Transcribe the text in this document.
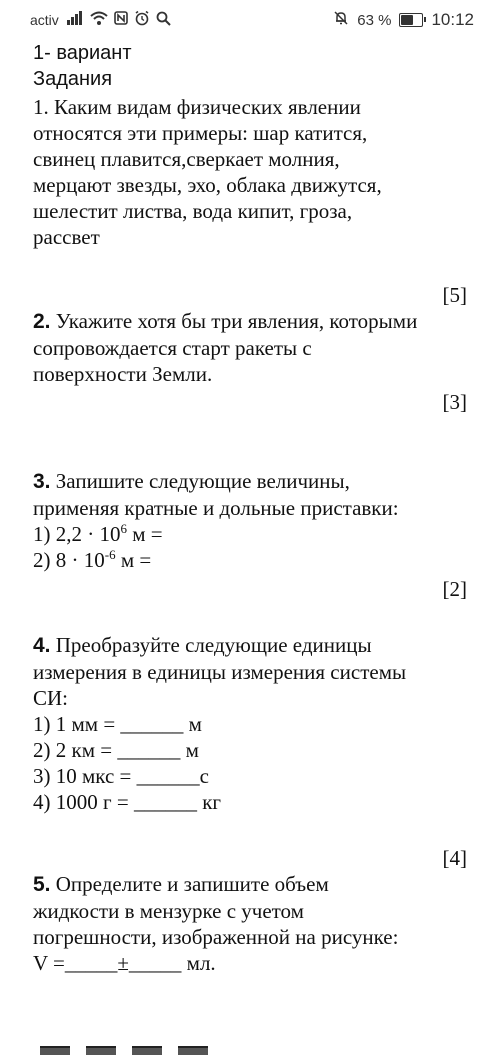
activ	63 % 10:12
1- вариант
Задания
1. Каким видам физических явлении
относятся эти примеры: шар катится,
свинец плавится,сверкает молния,
мерцают звезды, эхо, облака движутся,
шелестит листва, вода кипит, гроза,
рассвет
[5]
2. Укажите хотя бы три явления, которыми
сопровождается старт ракеты с
поверхности Земли.
[3]
3. Запишите следующие величины,
применяя кратные и дольные приставки:
1) $2,2 \cdot 10^6$ м =
2) $8 \cdot 10^{-6}$ м =
[2]
4. Преобразуйте следующие единицы
измерения в единицы измерения системы
СИ:
1) 1 мм = ______ м
2) 2 км = ______ м
3) 10 мкс = ______с
4) 1000 г = ______ кг
[4]
5. Определите и запишите объем
жидкости в мензурке с учетом
погрешности, изображенной на рисунке:
V =_____±_____ мл.
